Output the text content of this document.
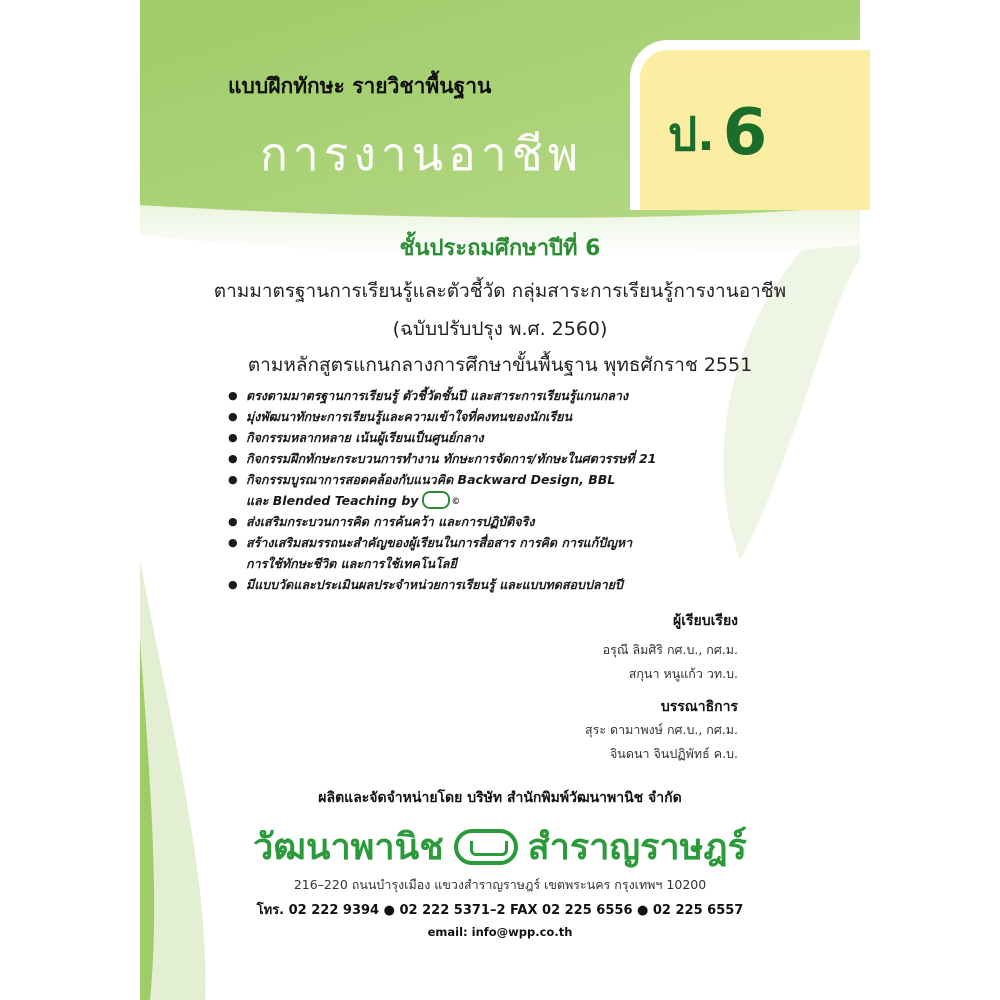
ป. 6
แบบฝึกทักษะ รายวิชาพื้นฐาน
การงานอาชีพ
ชั้นประถมศึกษาปีที่ 6
ตามมาตรฐานการเรียนรู้และตัวชี้วัด กลุ่มสาระการเรียนรู้การงานอาชีพ
(ฉบับปรับปรุง พ.ศ. 2560)
ตามหลักสูตรแกนกลางการศึกษาขั้นพื้นฐาน พุทธศักราช 2551
● ตรงตามมาตรฐานการเรียนรู้ ตัวชี้วัดชั้นปี และสาระการเรียนรู้แกนกลาง
● มุ่งพัฒนาทักษะการเรียนรู้และความเข้าใจที่คงทนของนักเรียน
● กิจกรรมหลากหลาย เน้นผู้เรียนเป็นศูนย์กลาง
● กิจกรรมฝึกทักษะกระบวนการทำงาน ทักษะการจัดการ/ทักษะในศตวรรษที่ 21
● กิจกรรมบูรณาการสอดคล้องกับแนวคิด Backward Design, BBL
และ Blended Teaching by©
● ส่งเสริมกระบวนการคิด การค้นคว้า และการปฏิบัติจริง
● สร้างเสริมสมรรถนะสำคัญของผู้เรียนในการสื่อสาร การคิด การแก้ปัญหา
การใช้ทักษะชีวิต และการใช้เทคโนโลยี
● มีแบบวัดและประเมินผลประจำหน่วยการเรียนรู้ และแบบทดสอบปลายปี
ผู้เรียบเรียง
อรุณี ลิมศิริ กศ.บ., กศ.ม.
สกุนา หนูแก้ว วท.บ.
บรรณาธิการ
สุระ ดามาพงษ์ กศ.บ., กศ.ม.
จินดนา จินปฏิพัทธ์ ค.บ.
ผลิตและจัดจำหน่ายโดย บริษัท สำนักพิมพ์วัฒนาพานิช จำกัด
วัฒนาพานิช สำราญราษฎร์
216–220 ถนนบำรุงเมือง แขวงสำราญราษฎร์ เขตพระนคร กรุงเทพฯ 10200
โทร. 02 222 9394 ● 02 222 5371–2 FAX 02 225 6556 ● 02 225 6557
email: info@wpp.co.th
